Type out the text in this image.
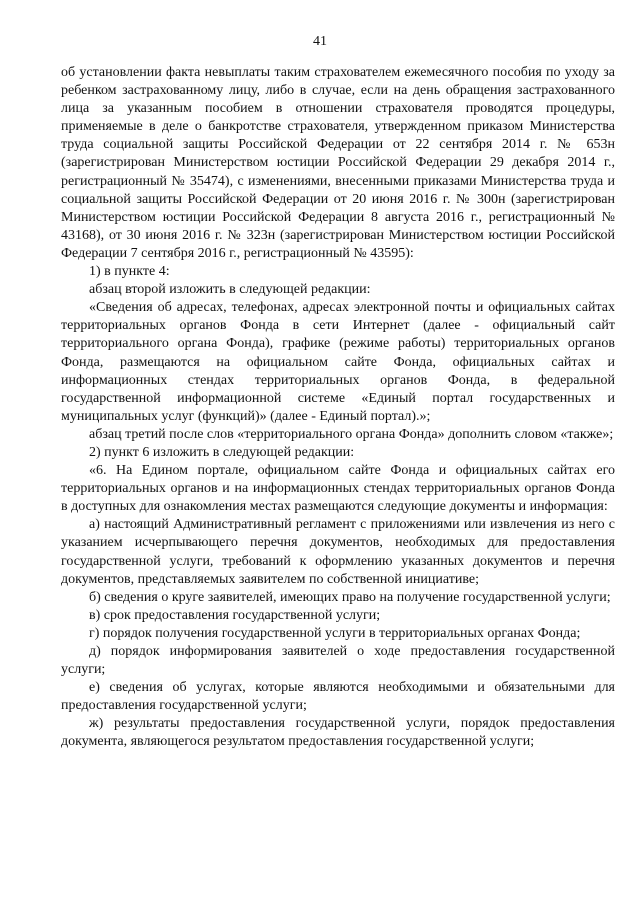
41

об установлении факта невыплаты таким страхователем ежемесячного пособия по уходу за ребенком застрахованному лицу, либо в случае, если на день обращения застрахованного лица за указанным пособием в отношении страхователя проводятся процедуры, применяемые в деле о банкротстве страхователя, утвержденном приказом Министерства труда социальной защиты Российской Федерации от 22 сентября 2014 г. № 653н (зарегистрирован Министерством юстиции Российской Федерации 29 декабря 2014 г., регистрационный № 35474), с изменениями, внесенными приказами Министерства труда и социальной защиты Российской Федерации от 20 июня 2016 г. № 300н (зарегистрирован Министерством юстиции Российской Федерации 8 августа 2016 г., регистрационный № 43168), от 30 июня 2016 г. № 323н (зарегистрирован Министерством юстиции Российской Федерации 7 сентября 2016 г., регистрационный № 43595):

1) в пункте 4:

абзац второй изложить в следующей редакции:

«Сведения об адресах, телефонах, адресах электронной почты и официальных сайтах территориальных органов Фонда в сети Интернет (далее - официальный сайт территориального органа Фонда), графике (режиме работы) территориальных органов Фонда, размещаются на официальном сайте Фонда, официальных сайтах и информационных стендах территориальных органов Фонда, в федеральной государственной информационной системе «Единый портал государственных и муниципальных услуг (функций)» (далее - Единый портал).»;

абзац третий после слов «территориального органа Фонда» дополнить словом «также»;

2) пункт 6 изложить в следующей редакции:

«6. На Едином портале, официальном сайте Фонда и официальных сайтах его территориальных органов и на информационных стендах территориальных органов Фонда в доступных для ознакомления местах размещаются следующие документы и информация:

а) настоящий Административный регламент с приложениями или извлечения из него с указанием исчерпывающего перечня документов, необходимых для предоставления государственной услуги, требований к оформлению указанных документов и перечня документов, представляемых заявителем по собственной инициативе;

б) сведения о круге заявителей, имеющих право на получение государственной услуги;

в) срок предоставления государственной услуги;

г) порядок получения государственной услуги в территориальных органах Фонда;

д) порядок информирования заявителей о ходе предоставления государственной услуги;

е) сведения об услугах, которые являются необходимыми и обязательными для предоставления государственной услуги;

ж) результаты предоставления государственной услуги, порядок предоставления документа, являющегося результатом предоставления государственной услуги;
